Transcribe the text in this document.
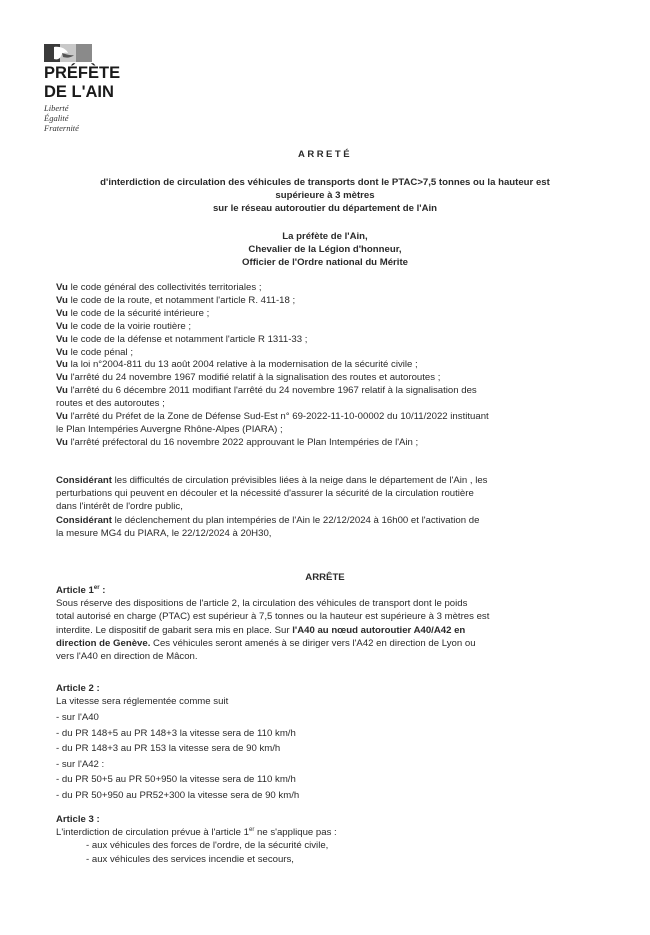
PRÉFÈTE
DE L'AIN
Liberté
Égalité
Fraternité
ARRETÉ
d'interdiction de circulation des véhicules de transports dont le PTAC>7,5 tonnes ou la hauteur est
supérieure à 3 mètres
sur le réseau autoroutier du département de l'Ain
La préfète de l'Ain,
Chevalier de la Légion d'honneur,
Officier de l'Ordre national du Mérite
Vu le code général des collectivités territoriales ;
Vu le code de la route, et notamment l'article R. 411-18 ;
Vu le code de la sécurité intérieure ;
Vu le code de la voirie routière ;
Vu le code de la défense et notamment l'article R 1311-33 ;
Vu le code pénal ;
Vu la loi n°2004-811 du 13 août 2004 relative à la modernisation de la sécurité civile ;
Vu l'arrêté du 24 novembre 1967 modifié relatif à la signalisation des routes et autoroutes ;
Vu l'arrêté du 6 décembre 2011 modifiant l'arrêté du 24 novembre 1967 relatif à la signalisation des
routes et des autoroutes ;
Vu l'arrêté du Préfet de la Zone de Défense Sud-Est n° 69-2022-11-10-00002 du 10/11/2022 instituant
le Plan Intempéries Auvergne Rhône-Alpes (PIARA) ;
Vu l'arrêté préfectoral du 16 novembre 2022 approuvant le Plan Intempéries de l'Ain ;
Considérant les difficultés de circulation prévisibles liées à la neige dans le département de l'Ain , les
perturbations qui peuvent en découler et la nécessité d'assurer la sécurité de la circulation routière
dans l'intérêt de l'ordre public,
Considérant le déclenchement du plan intempéries de l'Ain le 22/12/2024 à 16h00 et l'activation de
la mesure MG4 du PIARA, le 22/12/2024 à 20H30,
ARRÊTE
Article 1er :
Sous réserve des dispositions de l'article 2, la circulation des véhicules de transport dont le poids
total autorisé en charge (PTAC) est supérieur à 7,5 tonnes ou la hauteur est supérieure à 3 mètres est
interdite. Le dispositif de gabarit sera mis en place. Sur l'A40 au nœud autoroutier A40/A42 en
direction de Genève. Ces véhicules seront amenés à se diriger vers l'A42 en direction de Lyon ou
vers l'A40 en direction de Mâcon.
Article 2 :
La vitesse sera réglementée comme suit
- sur l'A40
- du PR 148+5 au PR 148+3 la vitesse sera de 110 km/h
- du PR 148+3 au PR 153 la vitesse sera de 90 km/h
- sur l'A42 :
- du PR 50+5 au PR 50+950 la vitesse sera de 110 km/h
- du PR 50+950 au PR52+300 la vitesse sera de 90 km/h
Article 3 :
L'interdiction de circulation prévue à l'article 1er ne s'applique pas :
- aux véhicules des forces de l'ordre, de la sécurité civile,
- aux véhicules des services incendie et secours,
